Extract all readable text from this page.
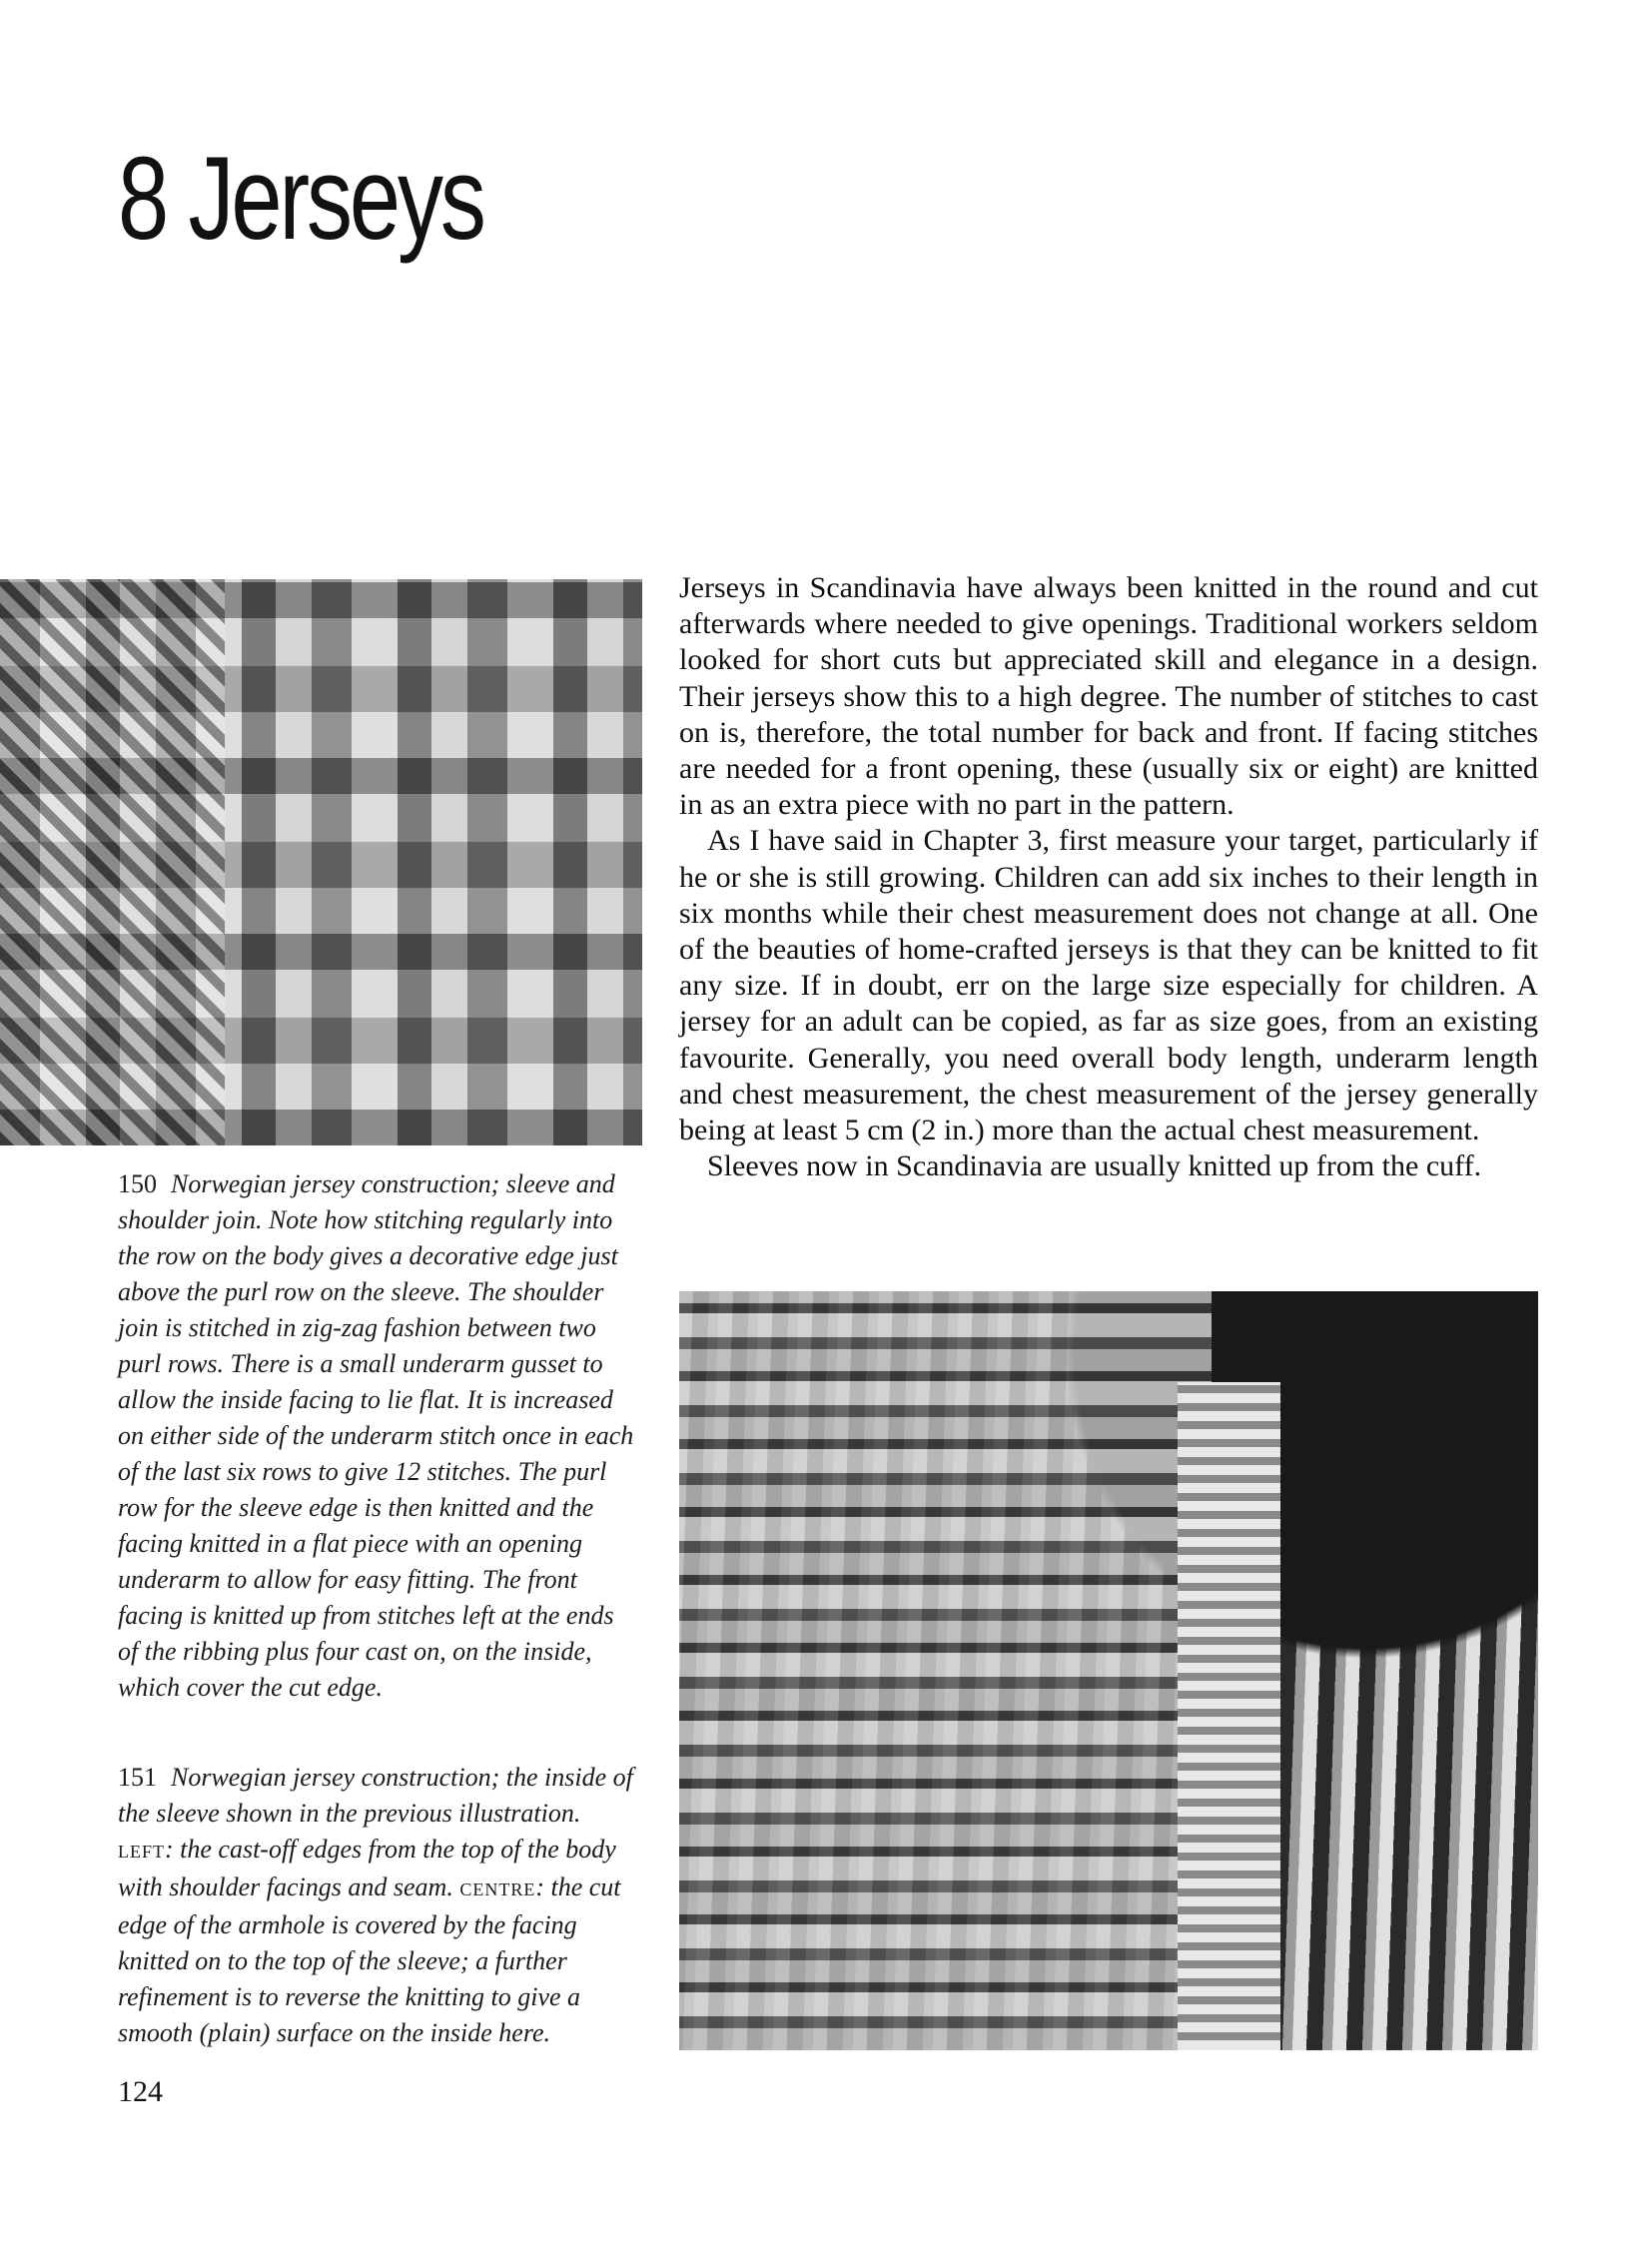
8 Jerseys

150 Norwegian jersey construction; sleeve and shoulder join. Note how stitching regularly into the row on the body gives a decorative edge just above the purl row on the sleeve. The shoulder join is stitched in zig-zag fashion between two purl rows. There is a small underarm gusset to allow the inside facing to lie flat. It is increased on either side of the underarm stitch once in each of the last six rows to give 12 stitches. The purl row for the sleeve edge is then knitted and the facing knitted in a flat piece with an opening underarm to allow for easy fitting. The front facing is knitted up from stitches left at the ends of the ribbing plus four cast on, on the inside, which cover the cut edge.

151 Norwegian jersey construction; the inside of the sleeve shown in the previous illustration. LEFT: the cast-off edges from the top of the body with shoulder facings and seam. CENTRE: the cut edge of the armhole is covered by the facing knitted on to the top of the sleeve; a further refinement is to reverse the knitting to give a smooth (plain) surface on the inside here.

Jerseys in Scandinavia have always been knitted in the round and cut afterwards where needed to give openings. Traditional workers seldom looked for short cuts but appreciated skill and elegance in a design. Their jerseys show this to a high degree. The number of stitches to cast on is, therefore, the total number for back and front. If facing stitches are needed for a front opening, these (usually six or eight) are knitted in as an extra piece with no part in the pattern.

As I have said in Chapter 3, first measure your target, particularly if he or she is still growing. Children can add six inches to their length in six months while their chest measurement does not change at all. One of the beauties of home-crafted jerseys is that they can be knitted to fit any size. If in doubt, err on the large size especially for children. A jersey for an adult can be copied, as far as size goes, from an existing favourite. Generally, you need overall body length, underarm length and chest measurement, the chest measurement of the jersey generally being at least 5 cm (2 in.) more than the actual chest measurement.

Sleeves now in Scandinavia are usually knitted up from the cuff.

124
